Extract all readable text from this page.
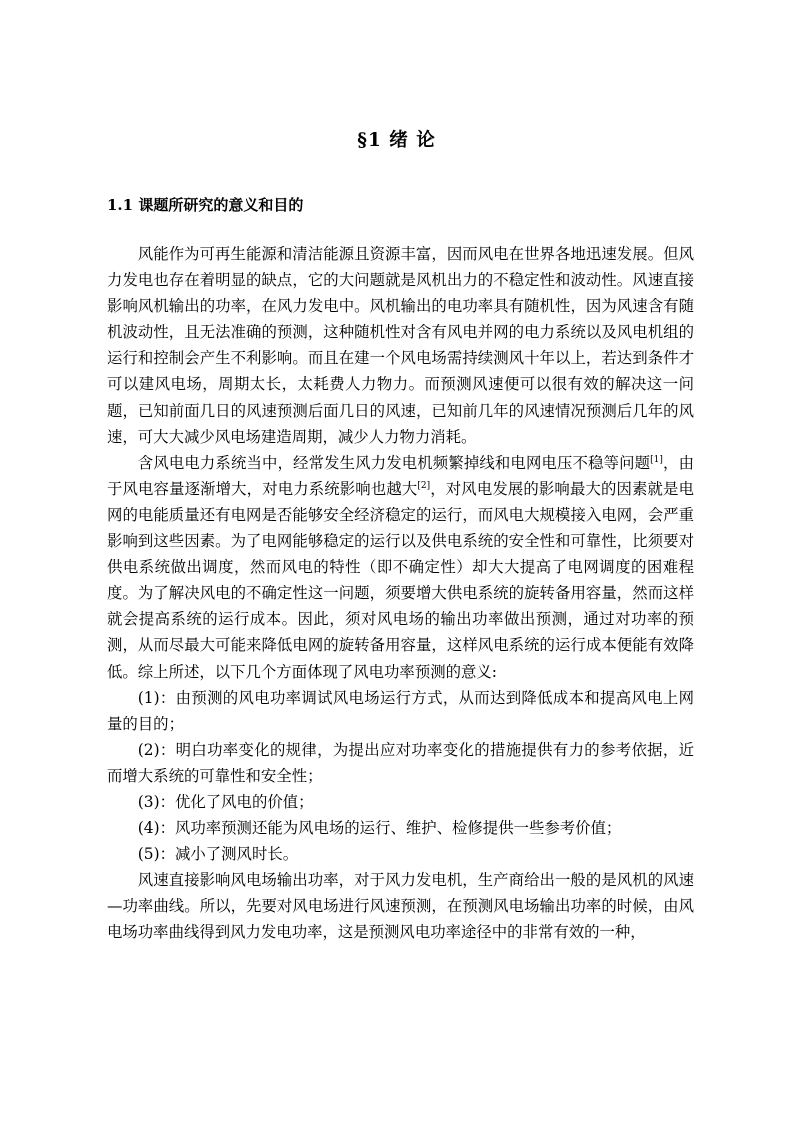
§1 绪 论
1.1 课题所研究的意义和目的

风能作为可再生能源和清洁能源且资源丰富，因而风电在世界各地迅速发展。但风力发电也存在着明显的缺点，它的大问题就是风机出力的不稳定性和波动性。风速直接影响风机输出的功率，在风力发电中。风机输出的电功率具有随机性，因为风速含有随机波动性，且无法准确的预测，这种随机性对含有风电并网的电力系统以及风电机组的运行和控制会产生不利影响。而且在建一个风电场需持续测风十年以上，若达到条件才可以建风电场，周期太长，太耗费人力物力。而预测风速便可以很有效的解决这一问题，已知前面几日的风速预测后面几日的风速，已知前几年的风速情况预测后几年的风速，可大大减少风电场建造周期，减少人力物力消耗。

含风电电力系统当中，经常发生风力发电机频繁掉线和电网电压不稳等问题[1]，由于风电容量逐渐增大，对电力系统影响也越大[2]，对风电发展的影响最大的因素就是电网的电能质量还有电网是否能够安全经济稳定的运行，而风电大规模接入电网，会严重影响到这些因素。为了电网能够稳定的运行以及供电系统的安全性和可靠性，比须要对供电系统做出调度，然而风电的特性（即不确定性）却大大提高了电网调度的困难程度。为了解决风电的不确定性这一问题，须要增大供电系统的旋转备用容量，然而这样就会提高系统的运行成本。因此，须对风电场的输出功率做出预测，通过对功率的预测，从而尽最大可能来降低电网的旋转备用容量，这样风电系统的运行成本便能有效降低。综上所述，以下几个方面体现了风电功率预测的意义:

(1)：由预测的风电功率调试风电场运行方式，从而达到降低成本和提高风电上网量的目的；

(2)：明白功率变化的规律，为提出应对功率变化的措施提供有力的参考依据，近而增大系统的可靠性和安全性；

(3)：优化了风电的价值；

(4)：风功率预测还能为风电场的运行、维护、检修提供一些参考价值；

(5)：减小了测风时长。

风速直接影响风电场输出功率，对于风力发电机，生产商给出一般的是风机的风速—功率曲线。所以，先要对风电场进行风速预测，在预测风电场输出功率的时候，由风电场功率曲线得到风力发电功率，这是预测风电功率途径中的非常有效的一种，
